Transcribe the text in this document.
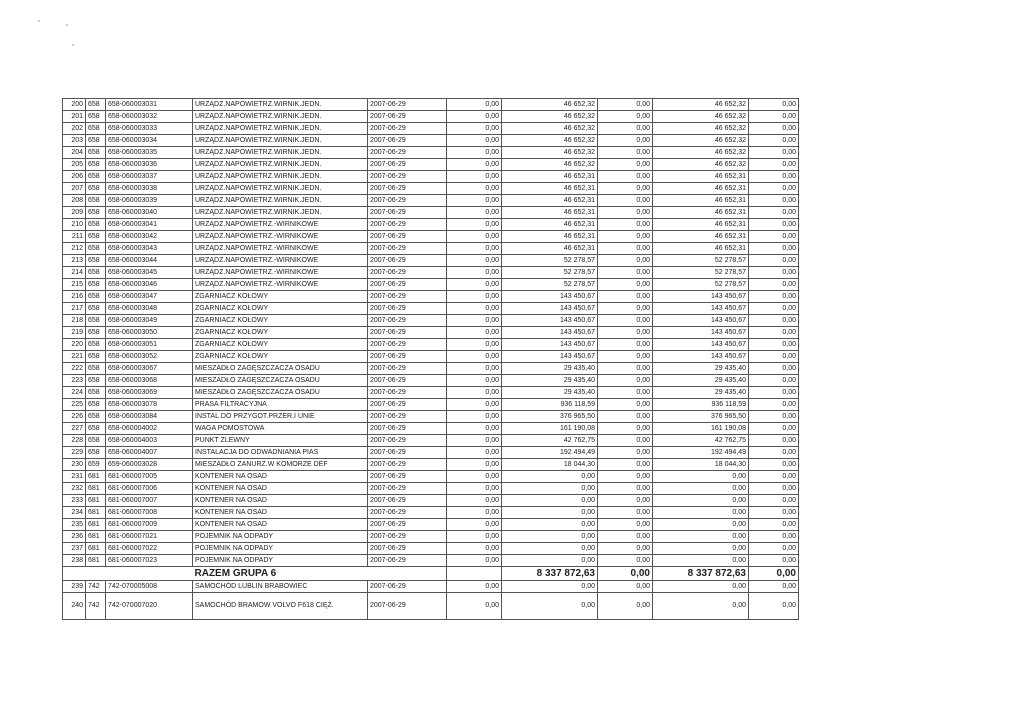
200	658	658-060003031	URZĄDZ.NAPOWIETRZ.WIRNIK.JEDN.	2007-06-29	0,00	46 652,32	0,00	46 652,32	0,00
201	658	658-060003032	URZĄDZ.NAPOWIETRZ.WIRNIK.JEDN.	2007-06-29	0,00	46 652,32	0,00	46 652,32	0,00
202	658	658-060003033	URZĄDZ.NAPOWIETRZ.WIRNIK.JEDN.	2007-06-29	0,00	46 652,32	0,00	46 652,32	0,00
203	658	658-060003034	URZĄDZ.NAPOWIETRZ.WIRNIK.JEDN.	2007-06-29	0,00	46 652,32	0,00	46 652,32	0,00
204	658	658-060003035	URZĄDZ.NAPOWIETRZ.WIRNIK.JEDN.	2007-06-29	0,00	46 652,32	0,00	46 652,32	0,00
205	658	658-060003036	URZĄDZ.NAPOWIETRZ.WIRNIK.JEDN.	2007-06-29	0,00	46 652,32	0,00	46 652,32	0,00
206	658	658-060003037	URZĄDZ.NAPOWIETRZ.WIRNIK.JEDN.	2007-06-29	0,00	46 652,31	0,00	46 652,31	0,00
207	658	658-060003038	URZĄDZ.NAPOWIETRZ.WIRNIK.JEDN.	2007-06-29	0,00	46 652,31	0,00	46 652,31	0,00
208	658	658-060003039	URZĄDZ.NAPOWIETRZ.WIRNIK.JEDN.	2007-06-29	0,00	46 652,31	0,00	46 652,31	0,00
209	658	658-060003040	URZĄDZ.NAPOWIETRZ.WIRNIK.JEDN.	2007-06-29	0,00	46 652,31	0,00	46 652,31	0,00
210	658	658-060003041	URZĄDZ.NAPOWIETRZ.-WIRNIKOWE	2007-06-29	0,00	46 652,31	0,00	46 652,31	0,00
211	658	658-060003042	URZĄDZ.NAPOWIETRZ.-WIRNIKOWE	2007-06-29	0,00	46 652,31	0,00	46 652,31	0,00
212	658	658-060003043	URZĄDZ.NAPOWIETRZ.-WIRNIKOWE	2007-06-29	0,00	46 652,31	0,00	46 652,31	0,00
213	658	658-060003044	URZĄDZ.NAPOWIETRZ.-WIRNIKOWE	2007-06-29	0,00	52 278,57	0,00	52 278,57	0,00
214	658	658-060003045	URZĄDZ.NAPOWIETRZ.-WIRNIKOWE	2007-06-29	0,00	52 278,57	0,00	52 278,57	0,00
215	658	658-060003046	URZĄDZ.NAPOWIETRZ.-WIRNIKOWE	2007-06-29	0,00	52 278,57	0,00	52 278,57	0,00
216	658	658-060003047	ZGARNIACZ KOŁOWY	2007-06-29	0,00	143 450,67	0,00	143 450,67	0,00
217	658	658-060003048	ZGARNIACZ KOŁOWY	2007-06-29	0,00	143 450,67	0,00	143 450,67	0,00
218	658	658-060003049	ZGARNIACZ KOŁOWY	2007-06-29	0,00	143 450,67	0,00	143 450,67	0,00
219	658	658-060003050	ZGARNIACZ KOŁOWY	2007-06-29	0,00	143 450,67	0,00	143 450,67	0,00
220	658	658-060003051	ZGARNIACZ KOŁOWY	2007-06-29	0,00	143 450,67	0,00	143 450,67	0,00
221	658	658-060003052	ZGARNIACZ KOŁOWY	2007-06-29	0,00	143 450,67	0,00	143 450,67	0,00
222	658	658-060003067	MIESZADŁO ZAGĘSZCZACZA OSADU	2007-06-29	0,00	29 435,40	0,00	29 435,40	0,00
223	658	658-060003068	MIESZADŁO ZAGĘSZCZACZA OSADU	2007-06-29	0,00	29 435,40	0,00	29 435,40	0,00
224	658	658-060003069	MIESZADŁO ZAGĘSZCZACZA OSADU	2007-06-29	0,00	29 435,40	0,00	29 435,40	0,00
225	658	658-060003078	PRASA FILTRACYJNA	2007-06-29	0,00	936 118,59	0,00	936 118,59	0,00
226	658	658-060003084	INSTAL.DO PRZYGOT.PRZER.I UNIE	2007-06-29	0,00	376 965,50	0,00	376 965,50	0,00
227	658	658-060004002	WAGA POMOSTOWA	2007-06-29	0,00	161 190,08	0,00	161 190,08	0,00
228	658	658-060004003	PUNKT ZLEWNY	2007-06-29	0,00	42 762,75	0,00	42 762,75	0,00
229	658	658-060004007	INSTALACJA DO ODWADNIANIA PIAS	2007-06-29	0,00	192 494,49	0,00	192 494,49	0,00
230	659	659-060003028	MIESZADŁO ZANURZ.W KOMORZE DEF	2007-06-29	0,00	18 044,30	0,00	18 044,30	0,00
231	681	681-060007005	KONTENER NA OSAD	2007-06-29	0,00	0,00	0,00	0,00	0,00
232	681	681-060007006	KONTENER NA OSAD	2007-06-29	0,00	0,00	0,00	0,00	0,00
233	681	681-060007007	KONTENER NA OSAD	2007-06-29	0,00	0,00	0,00	0,00	0,00
234	681	681-060007008	KONTENER NA OSAD	2007-06-29	0,00	0,00	0,00	0,00	0,00
235	681	681-060007009	KONTENER NA OSAD	2007-06-29	0,00	0,00	0,00	0,00	0,00
236	681	681-060007021	POJEMNIK NA ODPADY	2007-06-29	0,00	0,00	0,00	0,00	0,00
237	681	681-060007022	POJEMNIK NA ODPADY	2007-06-29	0,00	0,00	0,00	0,00	0,00
238	681	681-060007023	POJEMNIK NA ODPADY	2007-06-29	0,00	0,00	0,00	0,00	0,00
			RAZEM GRUPA 6			8 337 872,63	0,00	8 337 872,63	0,00
239	742	742-070005008	SAMOCHÓD LUBLIN BRABOWIEC	2007-06-29	0,00	0,00	0,00	0,00	0,00
240	742	742-070007020	SAMOCHÓD BRAMOW VOLVO F618 CIĘŻ.	2007-06-29	0,00	0,00	0,00	0,00	0,00
